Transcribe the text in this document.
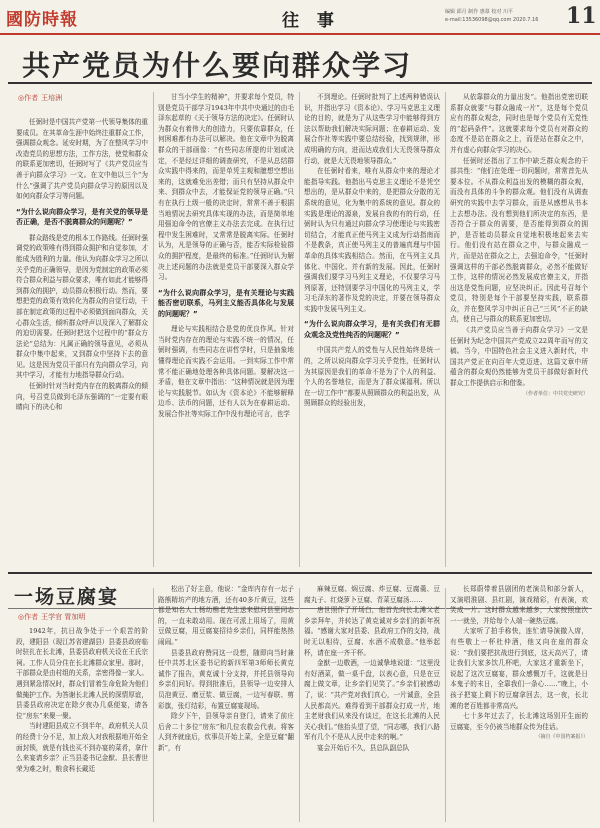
國防時報	往 事	编辑 邱月 制作 惠慕 校对 川平
e-mail:13536098@qq.com 2020.7.16	11
共产党员为什么要向群众学习
◎作者 王培洲

任弼时是中国共产党第一代领导集体的重要成员。在其革命生涯中始终注重群众工作，强调群众观念。延安时期，为了在整风学习中改造党员的思想方法，工作方法，使党和群众的联系更加密切，任弼时写了《共产党员应当善于向群众学习》一文。在文中他以三个“为什么”强调了共产党员向群众学习的原因以及如何向群众学习等问题。

“为什么说向群众学习，是有关党的领导是否正确，是否不脱离群众的问题呢？”

群众路线是党的根本工作路线。任弼时强调党的政策唯有得到群众拥护和自觉参加，才能成为胜利的力量。他认为向群众学习之所以关乎党的正确领导，是因为党制定的政策必须符合群众利益与群众要求，唯有如此才能够得到群众的拥护，动员群众积极行动。然而，要想把党的政策有效转化为群众的自觉行动，干部在制定政策的过程中必须做到面向群众，关心群众生活，倾听群众呼声以及深入了解群众的迫切需要。任弼时把这个过程中的“群众方法论”总结为：凡属正确的领导意见，必须从群众中集中起来，又到群众中坚持下去的意见。这是因为党员干部只有先向群众学习，向其中学习，才能有力地指导群众行动。

任弼时针对当时党内存在的脱离群众的倾向，号召党员做到毛泽东强调的“一定要有眼睛向下的决心和

甘当小学生的精神”，并要求每个党员，特别是党员干部学习1943年中共中央通过的由毛泽东起草的《关于领导方法的决定》。任弼时认为群众有着伟大的创造力，只要依靠群众，任何困难都有办法可以解决。他在文章中为脱离群众的干部画像：“有些同志所提的计划或决定，不是经过详细的调查研究，不是从总结群众实践中得来的，而是单凭主观和臆想空想出来的，这就难免出差错；而只有坚持从群众中来、到群众中去，才能保证党的领导正确。”只有在执行上级一般的决定时，常常不善于根据当地情况去研究具体实现的办法，而是简单地用强迫命令的官僚主义办法去完成。在执行过程中发生困难时，又常常是脱离实际。任弼时认为，凡是领导的正确与否，能否实际检验群众的拥护程度，是最终的标准。”任弼时认为解决上述问题的办法就是党员干部要深入群众学习。

“为什么说向群众学习，是有关理论与实践能否密切联系，马列主义能否具体化与发展的问题呢？”

理论与实践相结合是党的优良作风。针对当时党内存在的理论与实践不统一的情况，任弼时强调，有些同志在讲哲学时，只是抽象地懂得理论而实践不会运用。一到实际工作中常常不能正确地处理各种具体问题。要解决这一矛盾，他在文章中指出：“这种情况就是因为理论与实践脱节。如认为《资本论》不能够解释边币、法币的问题，还有人以为在春耕运动、发展合作社等实际工作中没有理论可言，也学

不到理论。任弼时批判了上述两种错误认识，并指出学习《资本论》、学习马克思主义理论的目的，就是为了从这些学习中能够得到方法以帮助我们解决实际问题；在春耕运动、发展合作社等实践中要总结经验，找到规律，形成明确的方向，进而达成我们大无畏领导群众行动，就是大无畏地领导群众。”

在任弼时看来，唯有从群众中来的理论才能指导实践。他指出马克思主义理论不是凭空想出的，是从群众中来的，是把群众分散的无系统的意见，化为集中的系统的意见。群众的实践是理论的源泉，发展自我的有的行动，任弼时认为只有通过向群众学习使理论与实践密切结合，才能真正使马列主义成为行动指南而不是教条，真正使马列主义的普遍真理与中国革命的具体实践相结合。然而，在马列主义具体化、中国化、并有新的发展。因此，任弼时强调我们要学习马列主义理论，不仅要学习马列原著，还特别要学习中国化的马列主义，学习毛泽东的著作及党的决定，并要在领导群众实践中发展马列主义。

“为什么说向群众学习，是有关我们有无群众观念及党性纯否的问题呢？”

中国共产党人的党性与人民性始终是统一的，之所以说向群众学习关乎党性，任弼时认为其原因是我们的革命不是为了个人的利益、个人的名誉地位，而是为了群众谋福利。所以在一切工作中“都要从照顾群众的利益出发，从照顾群众的经验出发，

从依靠群众的力量出发”。他指出党密切联系群众就要“与群众融成一片”，这是每个党员应有的群众观念，同时也是每个党员有无党性的“起码条件”。这就要求每个党员有对群众的态度不是站在群众之上，而是站在群众之中，并有虚心向群众学习的决心。

任弼时还指出了工作中缺乏群众观念的干部共性：“他们在处理一切问题时，常常首先从要本位。不从群众利益出发的模糊的群众观，而没有具体的斗争的群众观。他们没有从调查研究的实践中去学习群众，而是从感想从书本上去想办法。没有想到他们所决定的东西，是否符合于群众的需要，是否能得到群众的拥护，是否能动员群众自觉地积极地起来去实行。他们没有站在群众之中，与群众融成一片，而是站在群众之上，去强迫命令，“任弼时强调这样的干部必然脱离群众，必然不能做好工作，这样的情况必然发展成官僚主义，并指出这是党性问题，应坚决纠正。因此号召每个党员，特别是每个干部要坚持实践，联系群众，并在整风学习中纠正自己“三风”不正的缺点，使自己与群众的联系更加密切。

《共产党员应当善于向群众学习》一文是任弼时为纪念中国共产党成立22周年而写的文稿。当今，中国特色社会主义进入新时代，中国共产党正在向百年大党迈进。这篇文章中所蕴含的群众观仍然能够为党员干部做好新时代群众工作提供启示和借鉴。

（作者单位：中共党史研究）

一场豆腐宴
◎作者 王学官 胃加明

1942年，抗日战争处于一个艰苦的阶段，建阳县（现江苏省建湖县）县委县政府临时驻扎在长北滩，县委县政府机关设在王氏宗祠。工作人员分住在长北滩群众家里。那时，干部群众是由村组的关系，亲密得像一家人。遇到紧急情况时，群众们冒着生命危险为他们做掩护工作。为答谢长北滩人民的深情厚谊，县委县政府决定在除夕夜办几桌便宴，请各位“房东”来聚一聚。

当时建阳县成立不到半年，政府机关人员的经费十分不足，加上敌人对我根据地开始全面封锁，就是有钱也买不到办宴的菜肴，拿什么来宴请乡亲？正当县委书记金猷、县长曹世荣为难之时，粮食科长戴廷

松出了好主意，他说：“金库内存有一坛子路熊精坊产的地方酒，还有40多斤黄豆，这些都是知名人士杨幼樵老先生送来慰问县里同志的，一直未敢动用。现在可派上用场了，用黄豆做豆腐，用豆腐宴招待乡亲们，同样能热热闹闹。”

县委县政府赞同这一设想，随即向当时兼任中共苏北区委书记的新四军第3师师长黄克诚作了报告，黄克诚十分支持，并托县领导向乡亲们问好。得到批准后，县领导一边安排人员泡黄豆、磨豆浆、做豆腐，一边写春联、剪彩旗，张灯结彩，布置豆腐宴现场。

除夕下午，县领导亲自登门，请来了前庄后舍二十多位“房东”和几位农救会代表。将客人到齐就座后，炊事员开始上菜，全是豆腐“翻新”，有

麻辣豆腐、焖豆腐、炸豆腐、豆腐羹、豆腐丸子、红烧萝卜豆腐、青菜豆腐汤……

唐世照作了开场白，他首先向长北滩父老乡亲拜年，并转达了黄克诚对乡亲们的新年祝福。“感谢大家对县委、县政府工作的支持，战时无以相待，豆腐、水酒不成敬意。”他举起杯，请在座一齐干杯。

金猷一边敬酒，一边诚挚地说道：“这里没有好酒菜，做一桌千盘，以表心意，只是在豆腐上做文章，让乡亲们见笑了。”乡亲们被感动了，说：“共产党对我们真心，一片诚意，全县人民都高兴。难得看到干部群众打成一片，地主老财我们从来没有谈过，在这长北滩的人民关心我们。”他抬头望了望，“同志哪，我们八路军有几个不是从人民中走来的啊。”

宴会开始后不久，县总队副总队

长郑蔚带着县剧团的老演员和部分新人，又演唱淮剧、县红剧，演戏精彩，有表演，欢笑成一片。这时群众越来越多，大家按照座次一一就坐，并给每个人端一碗热豆腐。

大家听了拍手称快，连忙请导演撤入席，有些敬上一杯杜仲酒，他又向在座的群众说：“我们要把抗战进行到底，这天高兴了，请让我们大家多饮几杯吧，大家这才重新坐下，说起了这次豆腐宴，群众感慨万千，这就是日本鬼子的末日，全靠我们一条心……”晚上，小孩子把宴上剩下的豆腐拿回去，这一夜，长北滩的老百姓都非常高兴。

七十多年过去了，长北滩这场别开生面的豆腐宴，至今仍被当地群众传为佳话。

（摘自《中国档案报》）
